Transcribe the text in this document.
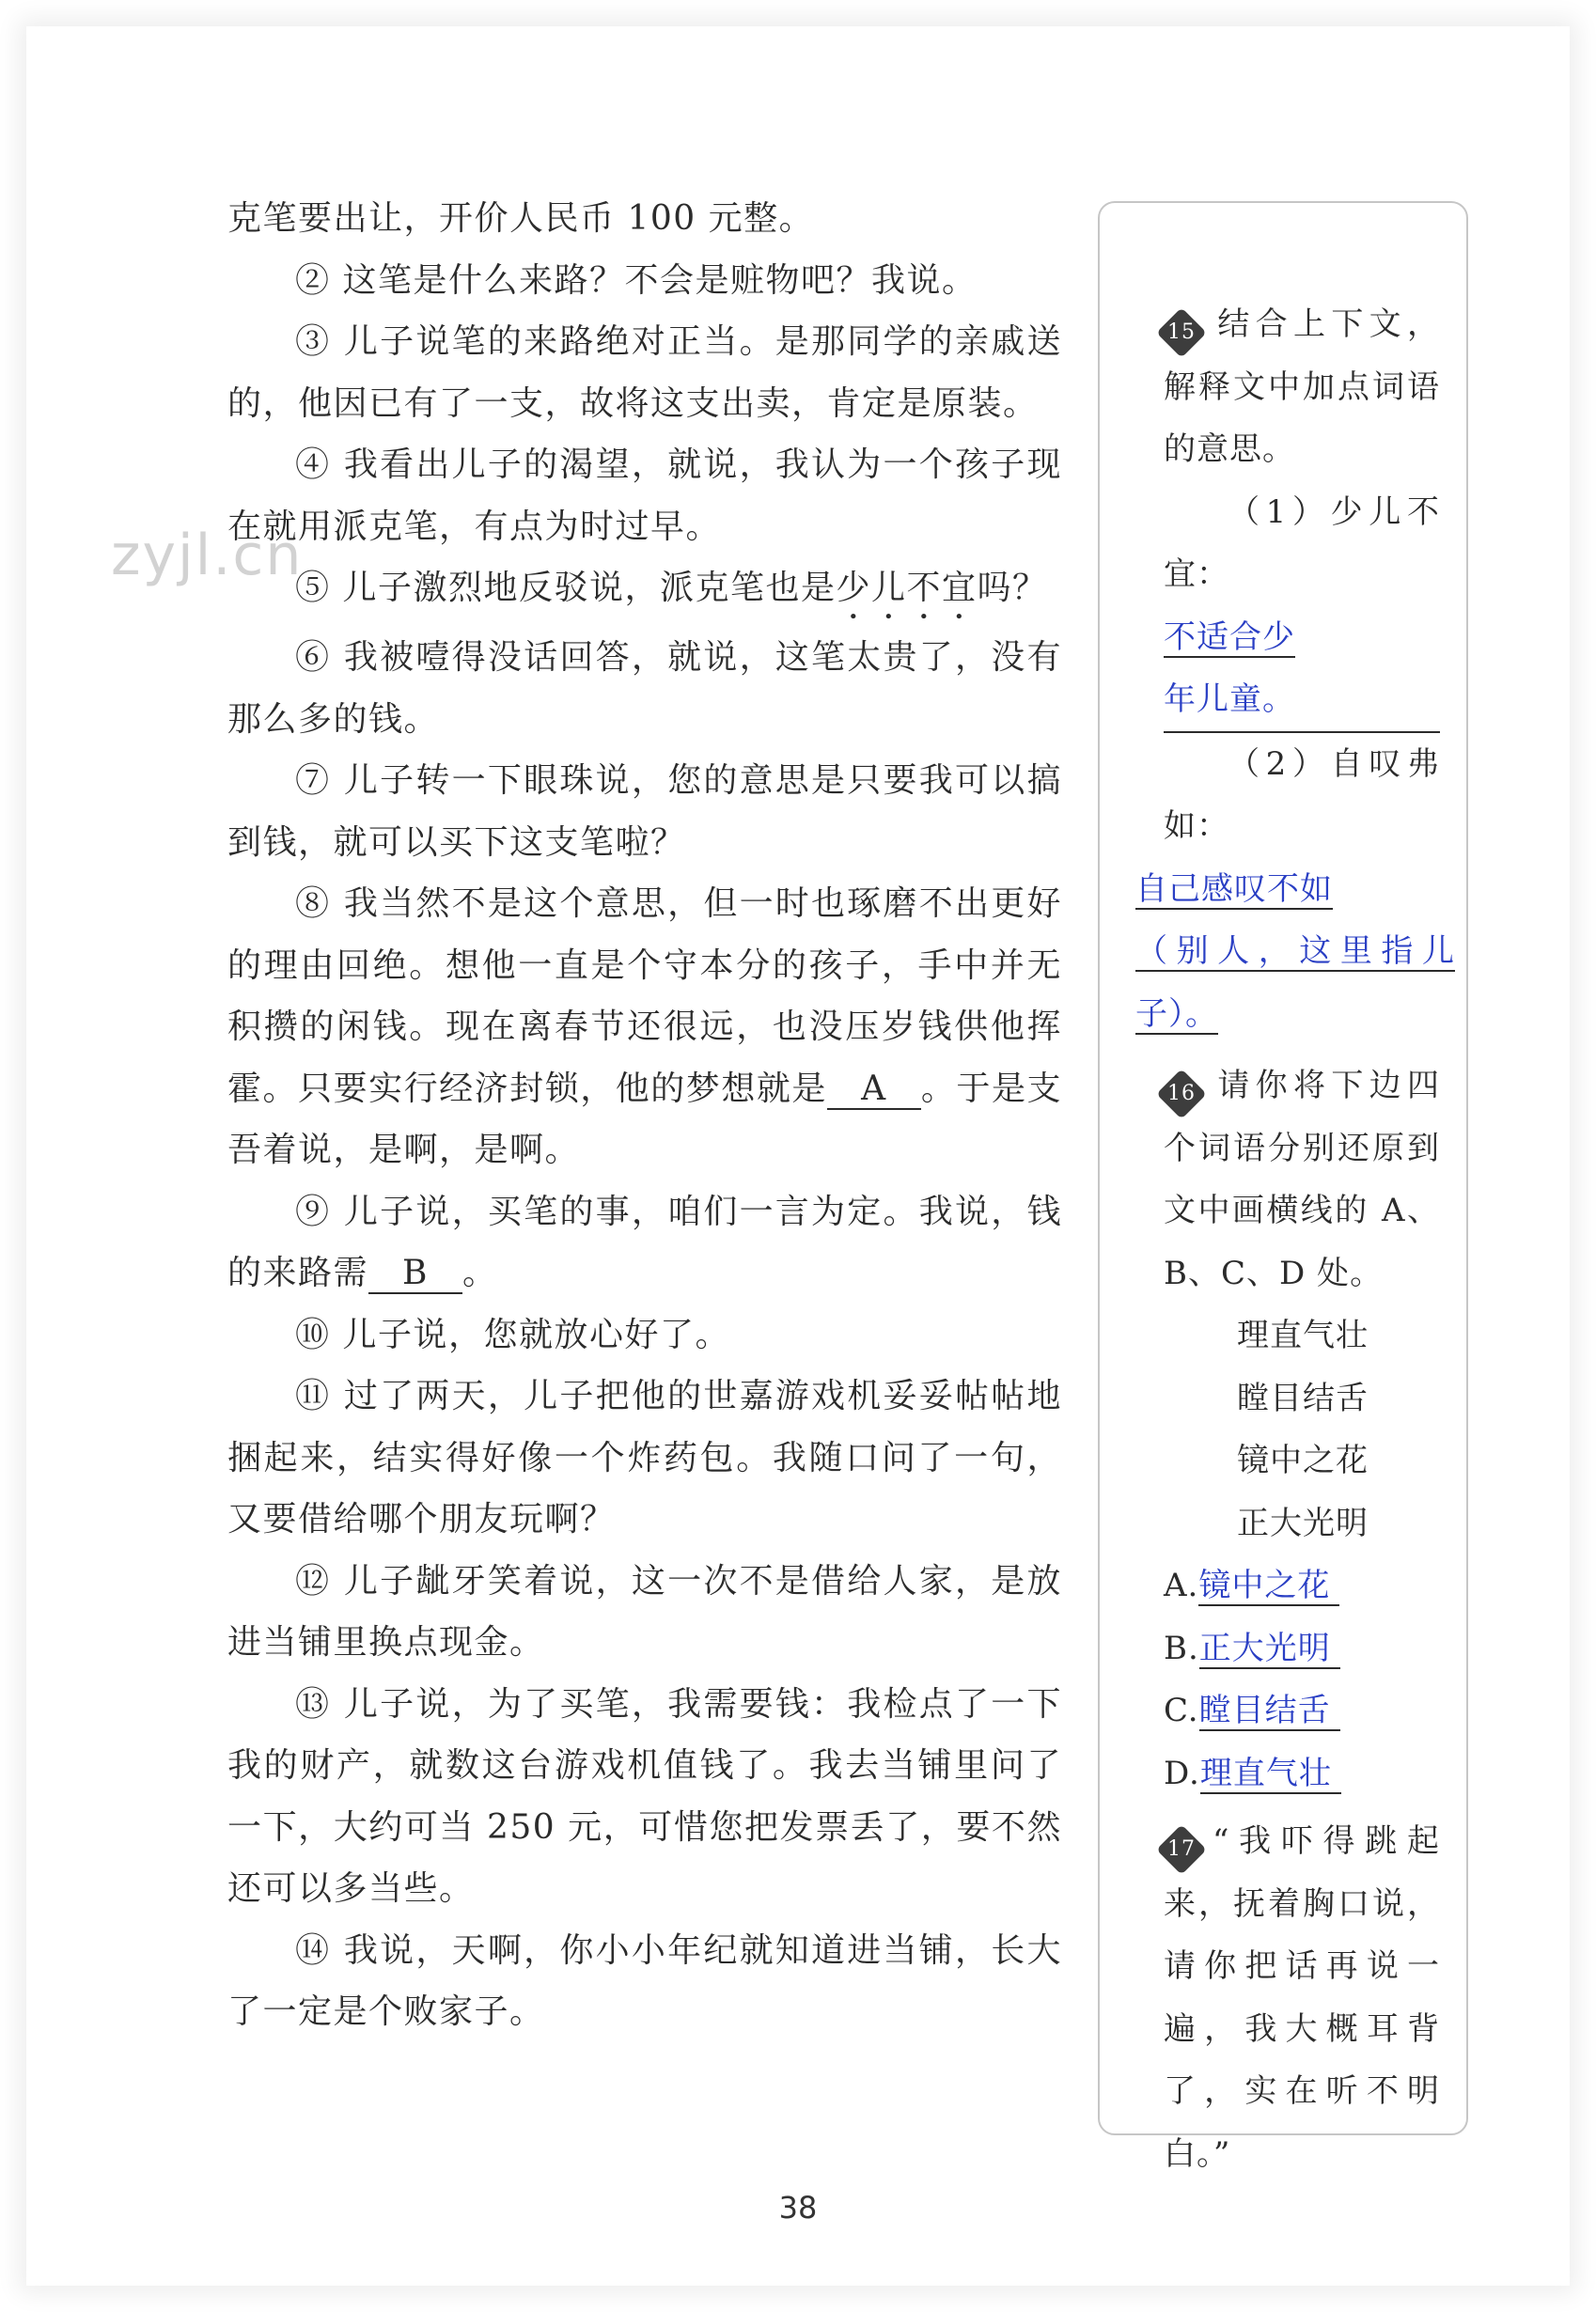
zyjl.cn

克笔要出让，开价人民币 100 元整。

② 这笔是什么来路？不会是赃物吧？我说。

③ 儿子说笔的来路绝对正当。是那同学的亲戚送的，他因已有了一支，故将这支出卖，肯定是原装。

④ 我看出儿子的渴望，就说，我认为一个孩子现在就用派克笔，有点为时过早。

⑤ 儿子激烈地反驳说，派克笔也是少儿不宜吗？

⑥ 我被噎得没话回答，就说，这笔太贵了，没有那么多的钱。

⑦ 儿子转一下眼珠说，您的意思是只要我可以搞到钱，就可以买下这支笔啦？

⑧ 我当然不是这个意思，但一时也琢磨不出更好的理由回绝。想他一直是个守本分的孩子，手中并无积攒的闲钱。现在离春节还很远，也没压岁钱供他挥霍。只要实行经济封锁，他的梦想就是 A 。于是支吾着说，是啊，是啊。

⑨ 儿子说，买笔的事，咱们一言为定。我说，钱的来路需 B 。

⑩ 儿子说，您就放心好了。

⑪ 过了两天，儿子把他的世嘉游戏机妥妥帖帖地捆起来，结实得好像一个炸药包。我随口问了一句，又要借给哪个朋友玩啊？

⑫ 儿子龇牙笑着说，这一次不是借给人家，是放进当铺里换点现金。

⑬ 儿子说，为了买笔，我需要钱：我检点了一下我的财产，就数这台游戏机值钱了。我去当铺里问了一下，大约可当 250 元，可惜您把发票丢了，要不然还可以多当些。

⑭ 我说，天啊，你小小年纪就知道进当铺，长大了一定是个败家子。

15 结合上下文，解释文中加点词语的意思。

（1）少儿不宜：

不适合少

年儿童。

（2）自叹弗如：

自己感叹不如
（别人，这里指儿子）。

16 请你将下边四个词语分别还原到文中画横线的 A、B、C、D 处。

理直气壮

瞠目结舌

镜中之花

正大光明

A.镜中之花

B.正大光明

C.瞠目结舌

D.理直气壮

17 “我吓得跳起来，抚着胸口说，请你把话再说一遍，我大概耳背了，实在听不明白。”

38
